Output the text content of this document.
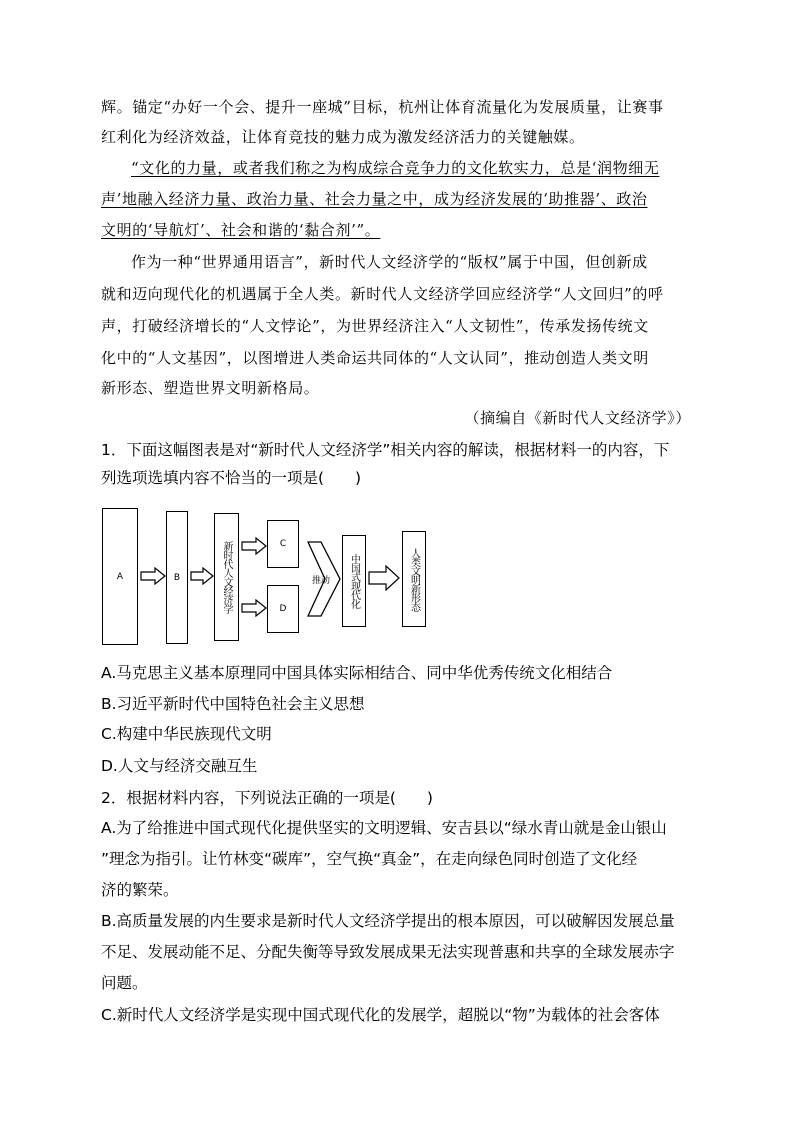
辉。锚定“办好一个会、提升一座城”目标，杭州让体育流量化为发展质量，让赛事
红利化为经济效益，让体育竞技的魅力成为激发经济活力的关键触媒。
“文化的力量，或者我们称之为构成综合竞争力的文化软实力，总是‘润物细无
声’地融入经济力量、政治力量、社会力量之中，成为经济发展的‘助推器’、政治
文明的‘导航灯’、社会和谐的‘黏合剂’”。
作为一种“世界通用语言”，新时代人文经济学的“版权”属于中国，但创新成
就和迈向现代化的机遇属于全人类。新时代人文经济学回应经济学“人文回归”的呼
声，打破经济增长的“人文悖论”，为世界经济注入“人文韧性”，传承发扬传统文
化中的“人文基因”，以图增进人类命运共同体的“人文认同”，推动创造人类文明
新形态、塑造世界文明新格局。
（摘编自《新时代人文经济学》）
1．下面这幅图表是对“新时代人文经济学”相关内容的解读，根据材料一的内容，下
列选项选填内容不恰当的一项是(　　)
A	B	新时代人文经济学	C
D
推动	中国式现代化	人类文明新形态
A.马克思主义基本原理同中国具体实际相结合、同中华优秀传统文化相结合
B.习近平新时代中国特色社会主义思想
C.构建中华民族现代文明
D.人文与经济交融互生
2．根据材料内容，下列说法正确的一项是(　　)
A.为了给推进中国式现代化提供坚实的文明逻辑、安吉县以“绿水青山就是金山银山
”理念为指引。让竹林变“碳库”，空气换“真金”，在走向绿色同时创造了文化经
济的繁荣。
B.高质量发展的内生要求是新时代人文经济学提出的根本原因，可以破解因发展总量
不足、发展动能不足、分配失衡等导致发展成果无法实现普惠和共享的全球发展赤字
问题。
C.新时代人文经济学是实现中国式现代化的发展学，超脱以“物”为载体的社会客体
